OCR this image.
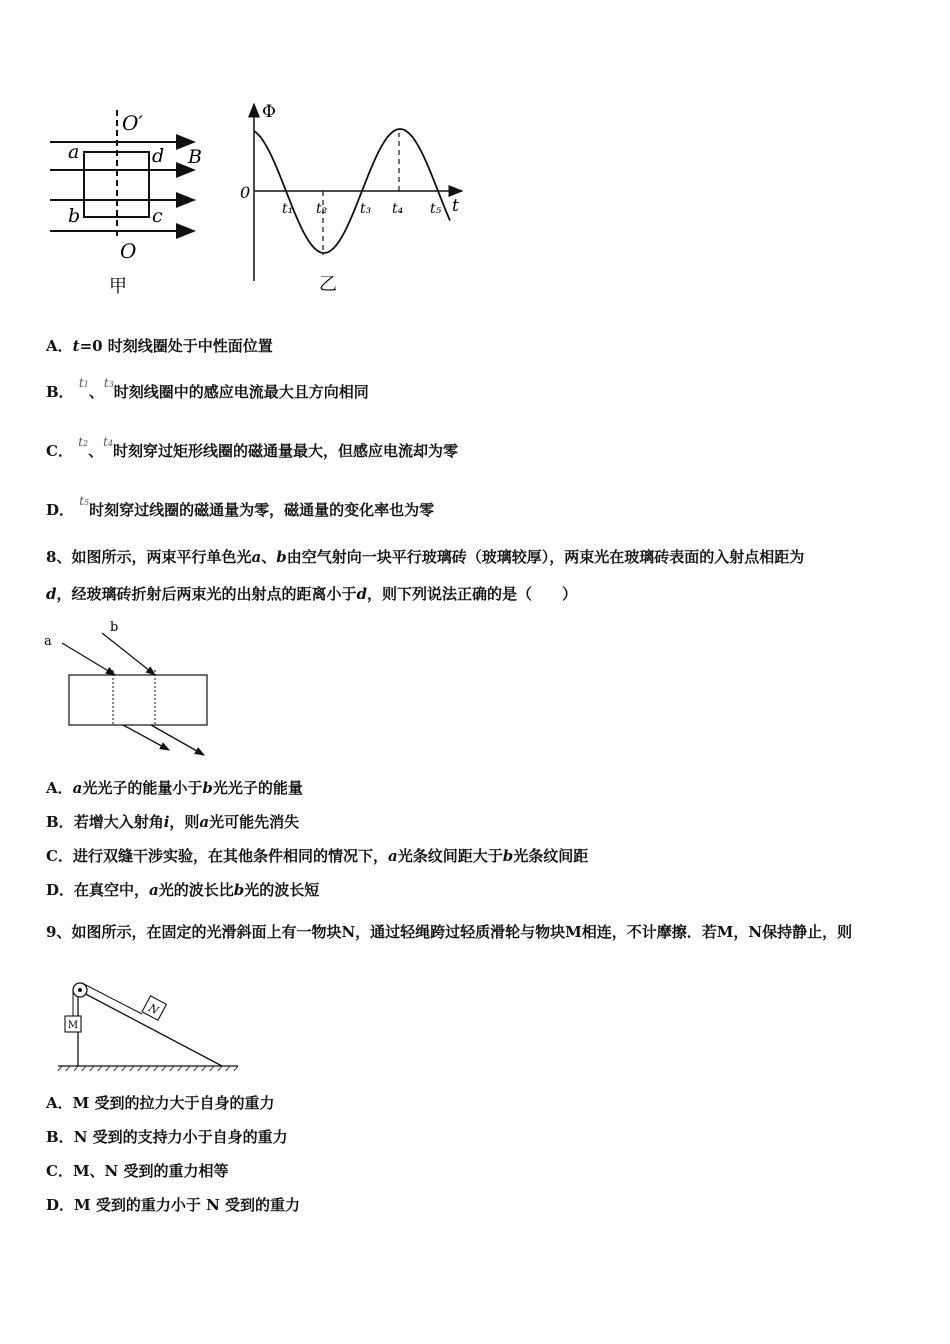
O′
O
a	d
b	c
B
甲
Φ
t
0
t₁ t₂ t₃ t₄ t₅
乙
A．t=0 时刻线圈处于中性面位置
B． $^{t1}$、$^{t3}$时刻线圈中的感应电流最大且方向相同
C． $^{t2}$、$^{t4}$时刻穿过矩形线圈的磁通量最大，但感应电流却为零
D． $^{t5}$时刻穿过线圈的磁通量为零，磁通量的变化率也为零
8、如图所示，两束平行单色光a、b由空气射向一块平行玻璃砖（玻璃较厚），两束光在玻璃砖表面的入射点相距为
d，经玻璃砖折射后两束光的出射点的距离小于d，则下列说法正确的是（　　）
a
b
A．a光光子的能量小于b光光子的能量
B．若增大入射角i，则a光可能先消失
C．进行双缝干涉实验，在其他条件相同的情况下，a光条纹间距大于b光条纹间距
D．在真空中，a光的波长比b光的波长短
9、如图所示，在固定的光滑斜面上有一物块N，通过轻绳跨过轻质滑轮与物块M相连，不计摩擦．若M，N保持静止，则
M
N
A．M 受到的拉力大于自身的重力
B．N 受到的支持力小于自身的重力
C．M、N 受到的重力相等
D．M 受到的重力小于 N 受到的重力
